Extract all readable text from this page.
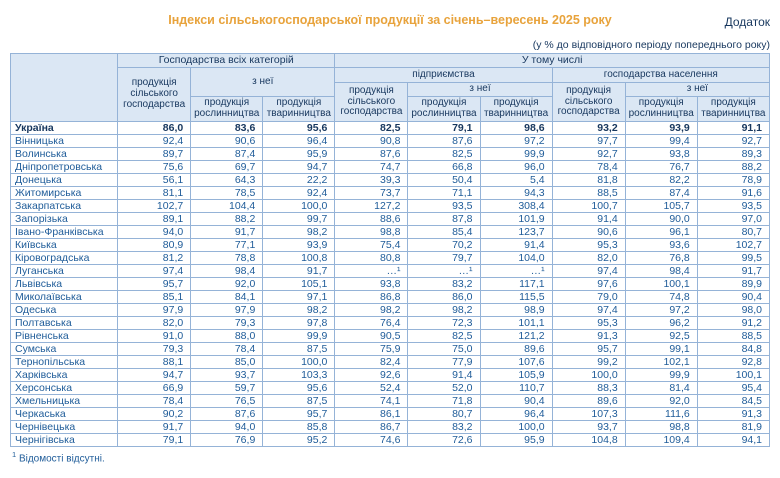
Додаток
Індекси сільськогосподарської продукції за січень–вересень 2025 року
(у % до відповідного періоду попереднього року)
	Господарства всіх категорій			У тому числі					
	продукція сільського господарства	з неї		підприємства			господарства населення		
				продукція сільського господарства	з неї		продукція сільського господарства	з неї	
		продукція рослинництва	продукція тваринництва		продукція рослинництва	продукція тваринництва		продукція рослинництва	продукція тваринництва
Україна	86,0	83,6	95,6	82,5	79,1	98,6	93,2	93,9	91,1
Вінницька	92,4	90,6	96,4	90,8	87,6	97,2	97,7	99,4	92,7
Волинська	89,7	87,4	95,9	87,6	82,5	99,9	92,7	93,8	89,3
Дніпропетровська	75,6	69,7	94,7	74,7	66,8	96,0	78,4	76,7	88,2
Донецька	56,1	64,3	22,2	39,3	50,4	5,4	81,8	82,2	78,9
Житомирська	81,1	78,5	92,4	73,7	71,1	94,3	88,5	87,4	91,6
Закарпатська	102,7	104,4	100,0	127,2	93,5	308,4	100,7	105,7	93,5
Запорізька	89,1	88,2	99,7	88,6	87,8	101,9	91,4	90,0	97,0
Івано-Франківська	94,0	91,7	98,2	98,8	85,4	123,7	90,6	96,1	80,7
Київська	80,9	77,1	93,9	75,4	70,2	91,4	95,3	93,6	102,7
Кіровоградська	81,2	78,8	100,8	80,8	79,7	104,0	82,0	76,8	99,5
Луганська	97,4	98,4	91,7	…¹	…¹	…¹	97,4	98,4	91,7
Львівська	95,7	92,0	105,1	93,8	83,2	117,1	97,6	100,1	89,9
Миколаївська	85,1	84,1	97,1	86,8	86,0	115,5	79,0	74,8	90,4
Одеська	97,9	97,9	98,2	98,2	98,2	98,9	97,4	97,2	98,0
Полтавська	82,0	79,3	97,8	76,4	72,3	101,1	95,3	96,2	91,2
Рівненська	91,0	88,0	99,9	90,5	82,5	121,2	91,3	92,5	88,5
Сумська	79,3	78,4	87,5	75,9	75,0	89,6	95,7	99,1	84,8
Тернопільська	88,1	85,0	100,0	82,4	77,9	107,6	99,2	102,1	92,8
Харківська	94,7	93,7	103,3	92,6	91,4	105,9	100,0	99,9	100,1
Херсонська	66,9	59,7	95,6	52,4	52,0	110,7	88,3	81,4	95,4
Хмельницька	78,4	76,5	87,5	74,1	71,8	90,4	89,6	92,0	84,5
Черкаська	90,2	87,6	95,7	86,1	80,7	96,4	107,3	111,6	91,3
Чернівецька	91,7	94,0	85,8	86,7	83,2	100,0	93,7	98,8	81,9
Чернігівська	79,1	76,9	95,2	74,6	72,6	95,9	104,8	109,4	94,1
$^1$ Відомості відсутні.
